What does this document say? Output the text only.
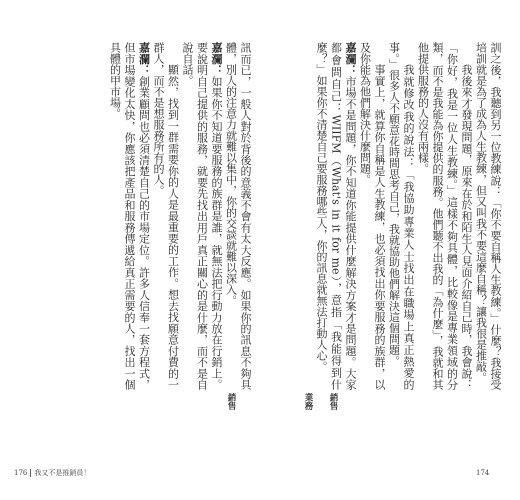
訊而已，一般人對於背後的意義不會有太大反應。如果你的訊息不夠具體，別人的注意力就難以集中，你的交談就難以深入。

嘉瀾：如果你不知道要服務的族群是誰，就無法把行動力放在行銷上。要說明自己提供的服務，就要先找出用戶真正關心的是什麼，而不是自說自話。

顯然，找到一群需要你的人是最重要的工作。想去找願意付費的一群人，而不是想服務所有的人。

嘉瀾：創業顧問也必須清楚自己的市場定位。許多人信奉一套方程式，但市場變化太快，你應該把產品和服務傳遞給真正需要的人，找出一個具體的甲市場。

銷售
176 我又不是推銷員！

訓之後，我聽到另一位教練說：「你不要自稱人生教練。」什麼？我接受培訓就是為了成為人生教練，但又叫我不要這麼自稱？讓我很是推敲。

我後來才發現問題，原來在於和陌生人見面介紹自己時，我會說：「你好，我是一位人生教練。」這樣不夠具體，比較像是專業領域的分類，而不是我能為你提供的服務。他們聽不出我的「為什麼」，我就和其他提供服務的人沒有兩樣。

我就修改我的說法：「我協助專業人士找出在職場上真正熱愛的事。」很多人不願意花時間思考自己，我就協助他們解決這個問題。

事實上，就算你自稱是人生教練，也必須找出你要服務的族群，以及你能為他們解決什麼問題。

嘉瀾：市場不是問題，你不知道你能提供什麼解決方案才是問題。大家都會問自己：WIIFM（What's in it for me），意指「我能得到什麼？」如果你不清楚自己要服務哪些人，你的訊息就無法打動人心。

銷售
業務
174
